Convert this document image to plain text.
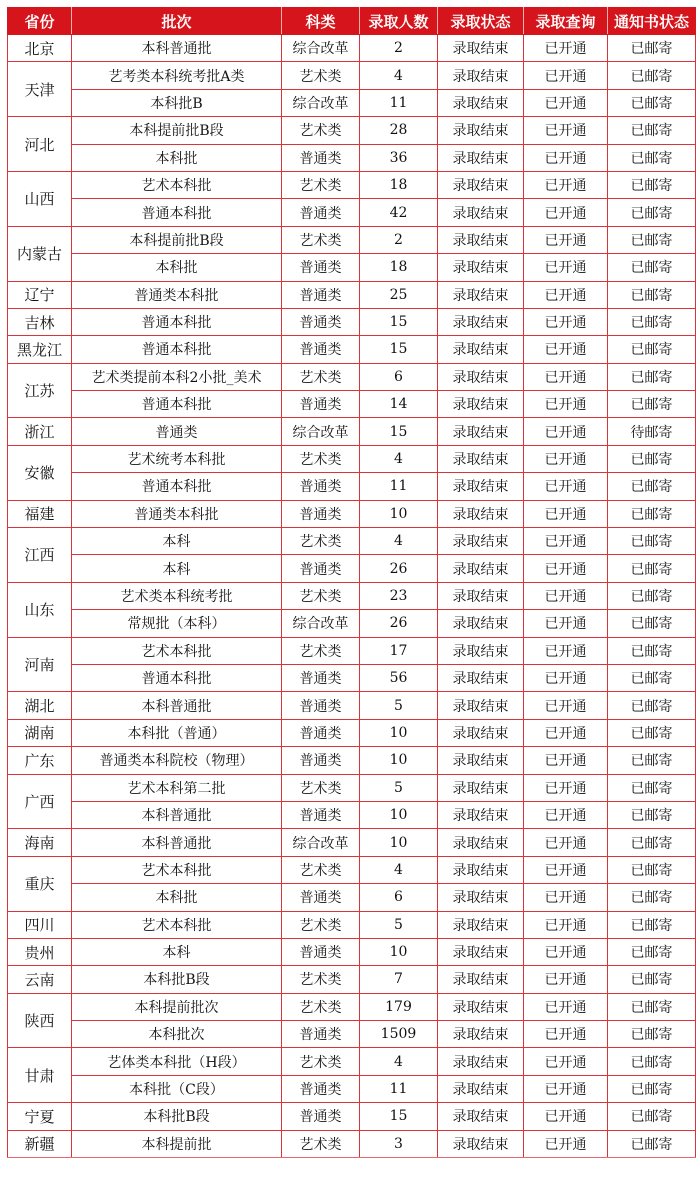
省份	批次	科类	录取人数	录取状态	录取查询	通知书状态
北京	本科普通批	综合改革	2	录取结束	已开通	已邮寄
天津	艺考类本科统考批A类	艺术类	4	录取结束	已开通	已邮寄
	本科批B	综合改革	11	录取结束	已开通	已邮寄
河北	本科提前批B段	艺术类	28	录取结束	已开通	已邮寄
	本科批	普通类	36	录取结束	已开通	已邮寄
山西	艺术本科批	艺术类	18	录取结束	已开通	已邮寄
	普通本科批	普通类	42	录取结束	已开通	已邮寄
内蒙古	本科提前批B段	艺术类	2	录取结束	已开通	已邮寄
	本科批	普通类	18	录取结束	已开通	已邮寄
辽宁	普通类本科批	普通类	25	录取结束	已开通	已邮寄
吉林	普通本科批	普通类	15	录取结束	已开通	已邮寄
黑龙江	普通本科批	普通类	15	录取结束	已开通	已邮寄
江苏	艺术类提前本科2小批_美术	艺术类	6	录取结束	已开通	已邮寄
	普通本科批	普通类	14	录取结束	已开通	已邮寄
浙江	普通类	综合改革	15	录取结束	已开通	待邮寄
安徽	艺术统考本科批	艺术类	4	录取结束	已开通	已邮寄
	普通本科批	普通类	11	录取结束	已开通	已邮寄
福建	普通类本科批	普通类	10	录取结束	已开通	已邮寄
江西	本科	艺术类	4	录取结束	已开通	已邮寄
	本科	普通类	26	录取结束	已开通	已邮寄
山东	艺术类本科统考批	艺术类	23	录取结束	已开通	已邮寄
	常规批（本科）	综合改革	26	录取结束	已开通	已邮寄
河南	艺术本科批	艺术类	17	录取结束	已开通	已邮寄
	普通本科批	普通类	56	录取结束	已开通	已邮寄
湖北	本科普通批	普通类	5	录取结束	已开通	已邮寄
湖南	本科批（普通）	普通类	10	录取结束	已开通	已邮寄
广东	普通类本科院校（物理）	普通类	10	录取结束	已开通	已邮寄
广西	艺术本科第二批	艺术类	5	录取结束	已开通	已邮寄
	本科普通批	普通类	10	录取结束	已开通	已邮寄
海南	本科普通批	综合改革	10	录取结束	已开通	已邮寄
重庆	艺术本科批	艺术类	4	录取结束	已开通	已邮寄
	本科批	普通类	6	录取结束	已开通	已邮寄
四川	艺术本科批	艺术类	5	录取结束	已开通	已邮寄
贵州	本科	普通类	10	录取结束	已开通	已邮寄
云南	本科批B段	艺术类	7	录取结束	已开通	已邮寄
陕西	本科提前批次	艺术类	179	录取结束	已开通	已邮寄
	本科批次	普通类	1509	录取结束	已开通	已邮寄
甘肃	艺体类本科批（H段）	艺术类	4	录取结束	已开通	已邮寄
	本科批（C段）	普通类	11	录取结束	已开通	已邮寄
宁夏	本科批B段	普通类	15	录取结束	已开通	已邮寄
新疆	本科提前批	艺术类	3	录取结束	已开通	已邮寄
